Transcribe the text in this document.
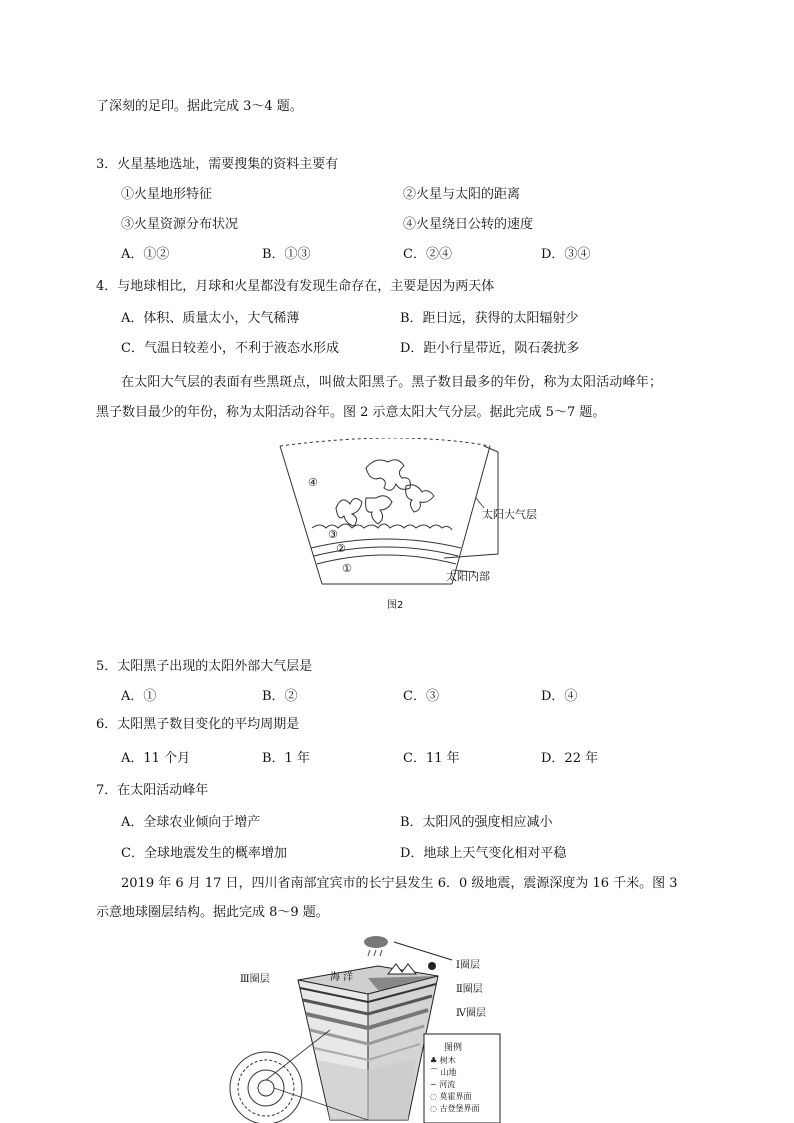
了深刻的足印。据此完成 3～4 题。
3．火星基地选址，需要搜集的资料主要有
①火星地形特征	②火星与太阳的距离
③火星资源分布状况	④火星绕日公转的速度
A．①②	B．①③	C．②④	D．③④
4．与地球相比，月球和火星都没有发现生命存在，主要是因为两天体
A．体积、质量太小，大气稀薄	B．距日远，获得的太阳辐射少
C．气温日较差小，不利于液态水形成	D．距小行星带近，陨石袭扰多
在太阳大气层的表面有些黑斑点，叫做太阳黑子。黑子数目最多的年份，称为太阳活动峰年；
黑子数目最少的年份，称为太阳活动谷年。图 2 示意太阳大气分层。据此完成 5～7 题。
④
③
②
①
太阳大气层
太阳内部
图2
5．太阳黑子出现的太阳外部大气层是
A．①	B．②	C．③	D．④
6．太阳黑子数目变化的平均周期是
A．11 个月	B．1 年	C．11 年	D．22 年
7．在太阳活动峰年
A．全球农业倾向于增产	B．太阳风的强度相应减小
C．全球地震发生的概率增加	D．地球上天气变化相对平稳
2019 年 6 月 17 日，四川省南部宜宾市的长宁县发生 6．0 级地震，震源深度为 16 千米。图 3
示意地球圈层结构。据此完成 8～9 题。
Ⅰ圈层
Ⅱ圈层
Ⅲ圈层
Ⅳ圈层
海 洋
图例
♣ 树木
⌒ 山地
~ 河流
◌ 莫霍界面
◌ 古登堡界面
